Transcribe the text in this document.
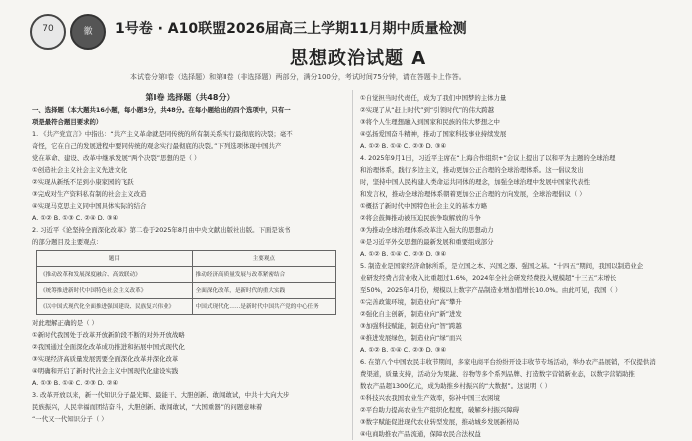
70	徽	1号卷 · A10联盟2026届高三上学期11月期中质量检测
思想政治试题 A
本试卷分第Ⅰ卷（选择题）和第Ⅱ卷（非选择题）两部分，满分100分，考试时间75分钟，请在答题卡上作答。
第Ⅰ卷 选择题（共48分）
一、选择题（本大题共16小题，每小题3分，共48分。在每小题给出的四个选项中，只有一
项是最符合题目要求的）
1. 《共产党宣言》中指出：“共产主义革命就是同传统的所有制关系实行最彻底的决裂；毫不
奇怪，它在自己的发展进程中要同传统的观念实行最彻底的决裂。”下列选项体现中国共产
党在革命、建设、改革中继承发展“两个决裂”思想的是（ ）
①创造社会主义社会主义先进文化
②实现从新纸不足到小康家园的飞跃
③完成对生产资料私有制的社会主义改造
④实现马克思主义同中国具体实际的结合
A. ①② B. ①③ C. ②④ D. ③④
2. 习近平《论坚持全面深化改革》第二卷于2025年8月由中央文献出版社出版。下面是该书
的部分题目及主要观点：
题目	主要观点
《推动改革和发展深度融合、高效联动》	推动经济高质量发展与改革紧密结合
《统筹推进新时代中国特色社会主义改革》	全面深化改革，是新时代的重大实践
《以中国式现代化全面推进强国建设、民族复兴伟业》	中国式现代化……是新时代中国共产党的中心任务
对此理解正确的是（ ）
①新时代我国处于改革开放新阶段不断的对外开放战略
②我国通过全面深化改革成功推进和拓展中国式现代化
③实现经济高质量发展需要全面深化改革并深化改革
④明确和开启了新时代社会主义中国现代化建设实践
A. ①③ B. ①④ C. ②③ D. ②④
3. 改革开放以来，新一代知识分子最光辉、最能干、大胆创新、敢闯敢试，中共十大向大步
民族振兴，人民幸福而团结奋斗，大胆创新、敢闯敢试，“大国重器”的问题意味着
“一代又一代知识分子（ ）
①自觉担当时代责任，成为了我们中国梦的主体力量
②实现了从“赶上时代”到“引领时代”的伟大跨越
③将个人生理想融入到国家和民族的伟大梦想之中
④弘扬爱国奋斗精神，推动了国家科技事业持续发展
A. ①② B. ①④ C. ②③ D. ③④
4. 2025年9月1日，习近平主席在“上海合作组织+”会议上提出了以和平为主题的全球治理
和治理体系，践行多边主义，推动更加公正合理的全球治理体系。这一倡议发出
时，坚持中国人民构建人类命运共同体的理念，加强全球治理中发展中国家代表性
和发言权，推动全球治理体系朝着更加公正合理的方向发展，全球治理倡议（ ）
①概括了新时代中国特色社会主义的基本方略
②将会鼓舞推动被压迫民族争取解放的斗争
③为推动全球治理体系改革注入强大的思想动力
④是习近平外交思想的最新发展和重要组成部分
A. ①② B. ①④ C. ②③ D. ③④
5. 制造业是国家经济命脉所系，是立国之本、兴国之器、强国之基。“十四五”期间，我国以制造业企
业研发经费占营业收入比重超过1.6%，2024年全社会研发经费投入规模超“十三五”末增长
至50%，2025年4月份，规模以上数字产品制造业增加值增长10.0%。由此可见，我国（ ）
①完善政策环境，制造业向“高”攀升
②强化自主创新，制造业向“新”进发
③加强科技赋能，制造业向“智”跨越
④推进发展绿色，制造业向“绿”而兴
A. ①② B. ①④ C. ②③ D. ③④
6. 在第八个中国农民丰收节期间，多家电商平台纷纷开设丰收节专场活动，举办农产品展销，不仅提供消
费渠道，质量支持，活动分为果蔬、谷物等多个系列品牌、打造数字营销新业态，以数字营销助推
数农产品超1300亿元，成为助推乡村振兴的“大数据”。这说明（ ）
①科技兴农我国农业生产效率，弥补中国三农困境
②平台助力提高农业生产组织化程度，破解乡村振兴障碍
③数字赋能促进现代农业转型发展，推动城乡发展新格局
④电商助推农产品流通，保障农民合法权益
